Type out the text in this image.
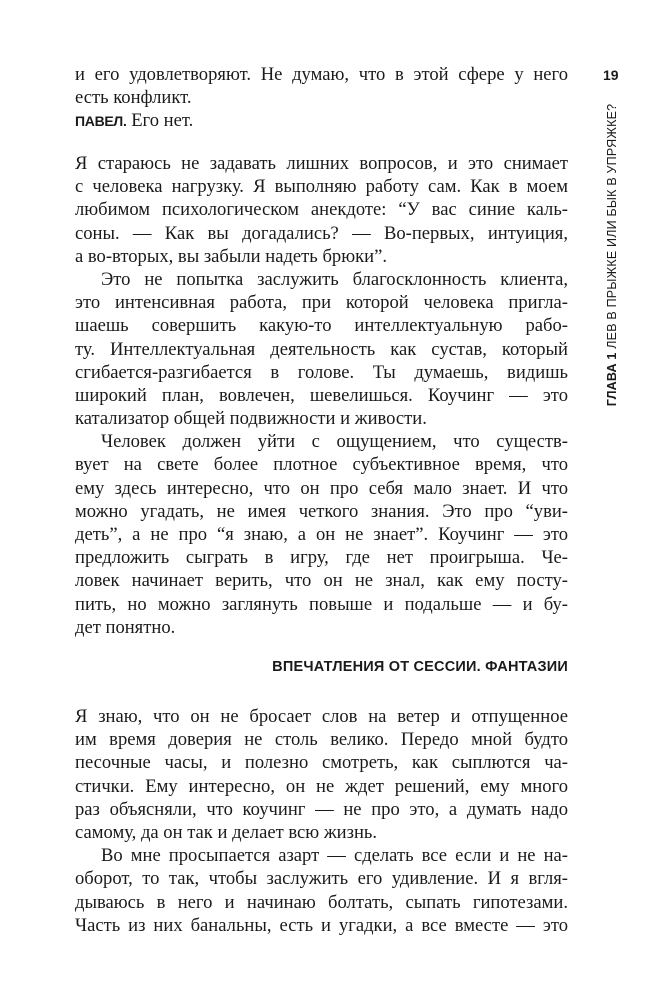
19
ГЛАВА 1 ЛЕВ В ПРЫЖКЕ ИЛИ БЫК В УПРЯЖКЕ?
и его удовлетворяют. Не думаю, что в этой сфере у него
есть конфликт.
ПАВЕЛ. Его нет.
Я стараюсь не задавать лишних вопросов, и это снимает
с человека нагрузку. Я выполняю работу сам. Как в моем
любимом психологическом анекдоте: “У вас синие каль-
соны. — Как вы догадались? — Во-первых, интуиция,
а во-вторых, вы забыли надеть брюки”.
Это не попытка заслужить благосклонность клиента,
это интенсивная работа, при которой человека пригла-
шаешь совершить какую-то интеллектуальную рабо-
ту. Интеллектуальная деятельность как сустав, который
сгибается-разгибается в голове. Ты думаешь, видишь
широкий план, вовлечен, шевелишься. Коучинг — это
катализатор общей подвижности и живости.
Человек должен уйти с ощущением, что существ-
вует на свете более плотное субъективное время, что
ему здесь интересно, что он про себя мало знает. И что
можно угадать, не имея четкого знания. Это про “уви-
деть”, а не про “я знаю, а он не знает”. Коучинг — это
предложить сыграть в игру, где нет проигрыша. Че-
ловек начинает верить, что он не знал, как ему посту-
пить, но можно заглянуть повыше и подальше — и бу-
дет понятно.
ВПЕЧАТЛЕНИЯ ОТ СЕССИИ. ФАНТАЗИИ
Я знаю, что он не бросает слов на ветер и отпущенное
им время доверия не столь велико. Передо мной будто
песочные часы, и полезно смотреть, как сыплются ча-
стички. Ему интересно, он не ждет решений, ему много
раз объясняли, что коучинг — не про это, а думать надо
самому, да он так и делает всю жизнь.
Во мне просыпается азарт — сделать все если и не на-
оборот, то так, чтобы заслужить его удивление. И я вгля-
дываюсь в него и начинаю болтать, сыпать гипотезами.
Часть из них банальны, есть и угадки, а все вместе — это
